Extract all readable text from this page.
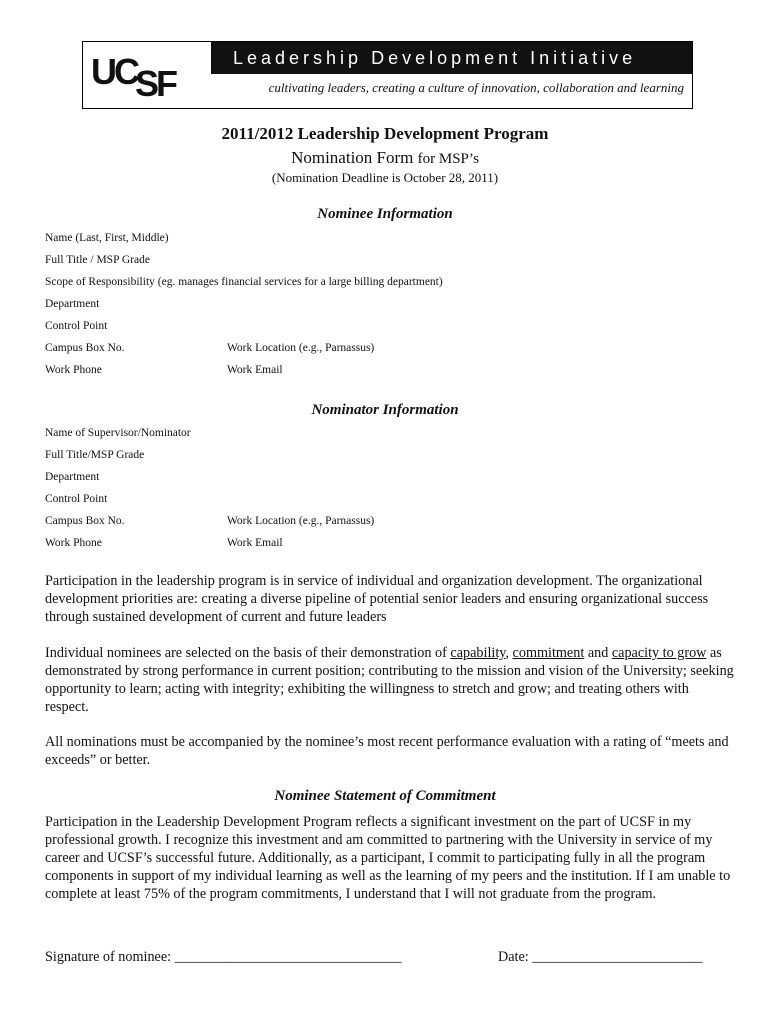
UCSF
Leadership Development Initiative
cultivating leaders, creating a culture of innovation, collaboration and learning
2011/2012 Leadership Development Program
Nomination Form for MSP’s
(Nomination Deadline is October 28, 2011)
Nominee Information
Name (Last, First, Middle)
Full Title / MSP Grade
Scope of Responsibility (eg. manages financial services for a large billing department)
Department
Control Point
Campus Box No.	Work Location (e.g., Parnassus)
Work Phone	Work Email
Nominator Information
Name of Supervisor/Nominator
Full Title/MSP Grade
Department
Control Point
Campus Box No.	Work Location (e.g., Parnassus)
Work Phone	Work Email
Participation in the leadership program is in service of individual and organization development. The organizational development priorities are: creating a diverse pipeline of potential senior leaders and ensuring organizational success through sustained development of current and future leaders
Individual nominees are selected on the basis of their demonstration of capability, commitment and capacity to grow as demonstrated by strong performance in current position; contributing to the mission and vision of the University; seeking opportunity to learn; acting with integrity; exhibiting the willingness to stretch and grow; and treating others with respect.
All nominations must be accompanied by the nominee’s most recent performance evaluation with a rating of “meets and exceeds” or better.
Nominee Statement of Commitment
Participation in the Leadership Development Program reflects a significant investment on the part of UCSF in my professional growth. I recognize this investment and am committed to partnering with the University in service of my career and UCSF’s successful future. Additionally, as a participant, I commit to participating fully in all the program components in support of my individual learning as well as the learning of my peers and the institution. If I am unable to complete at least 75% of the program commitments, I understand that I will not graduate from the program.
Signature of nominee: ________________________________	Date: ________________________
